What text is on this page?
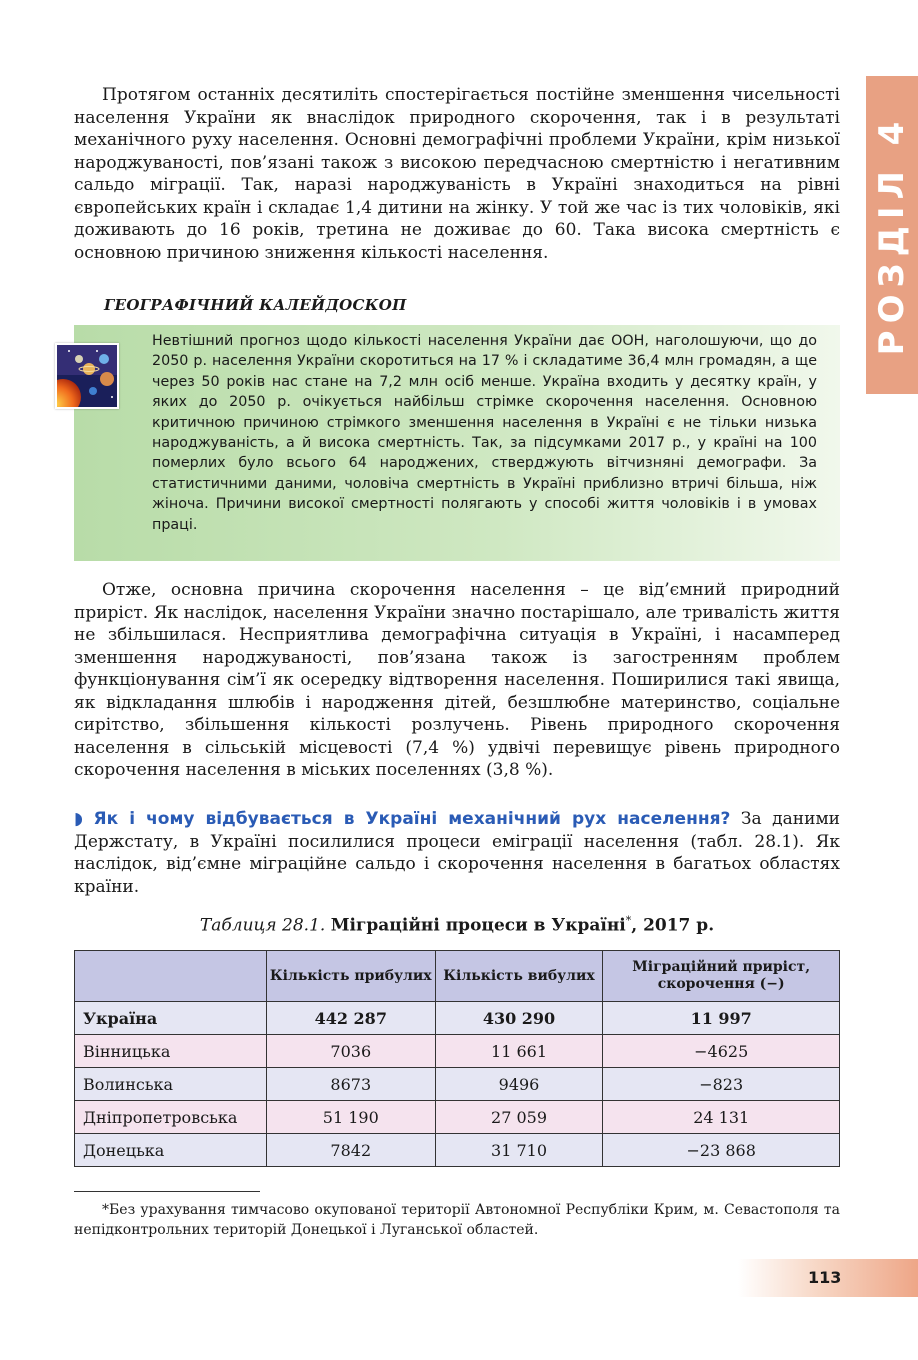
РОЗДІЛ 4

Протягом останніх десятиліть спостерігається постійне зменшення чисельності населення України як внаслідок природного скорочення, так і в результаті механічного руху населення. Основні демографічні проблеми України, крім низької народжуваності, пов’язані також з високою передчасною смертністю і негативним сальдо міграції. Так, наразі народжуваність в Україні знаходиться на рівні європейських країн і складає 1,4 дитини на жінку. У той же час із тих чоловіків, які доживають до 16 років, третина не доживає до 60. Така висока смертність є основною причиною зниження кількості населення.

ГЕОГРАФІЧНИЙ КАЛЕЙДОСКОП

Невтішний прогноз щодо кількості населення України дає ООН, наголошуючи, що до 2050 р. населення України скоротиться на 17 % і складатиме 36,4 млн громадян, а ще через 50 років нас стане на 7,2 млн осіб менше. Україна входить у десятку країн, у яких до 2050 р. очікується найбільш стрімке скорочення населення. Основною критичною причиною стрімкого зменшення населення в Україні є не тільки низька народжуваність, а й висока смертність. Так, за підсумками 2017 р., у країні на 100 померлих було всього 64 народжених, стверджують вітчизняні демографи. За статистичними даними, чоловіча смертність в Україні приблизно втричі більша, ніж жіноча. Причини високої смертності полягають у способі життя чоловіків і в умовах праці.

Отже, основна причина скорочення населення – це від’ємний природний приріст. Як наслідок, населення України значно постарішало, але тривалість життя не збільшилася. Несприятлива демографічна ситуація в Україні, і насамперед зменшення народжуваності, пов’язана також із загостренням проблем функціонування сім’ї як осередку відтворення населення. Поширилися такі явища, як відкладання шлюбів і народження дітей, безшлюбне материнство, соціальне сирітство, збільшення кількості розлучень. Рівень природного скорочення населення в сільській місцевості (7,4 %) удвічі перевищує рівень природного скорочення населення в міських поселеннях (3,8 %).

◗ Як і чому відбувається в Україні механічний рух населення? За даними Держстату, в Україні посилилися процеси еміграції населення (табл. 28.1). Як наслідок, від’ємне міграційне сальдо і скорочення населення в багатьох областях країни.

Таблиця 28.1. Міграційні процеси в Україні*, 2017 р.
	Кількість прибулих	Кількість вибулих	Міграційний приріст, скорочення (−)
Україна	442 287	430 290	11 997
Вінницька	7036	11 661	−4625
Волинська	8673	9496	−823
Дніпропетровська	51 190	27 059	24 131
Донецька	7842	31 710	−23 868

*Без урахування тимчасово окупованої території Автономної Республіки Крим, м. Севастополя та непідконтрольних територій Донецької і Луганської областей.

113
